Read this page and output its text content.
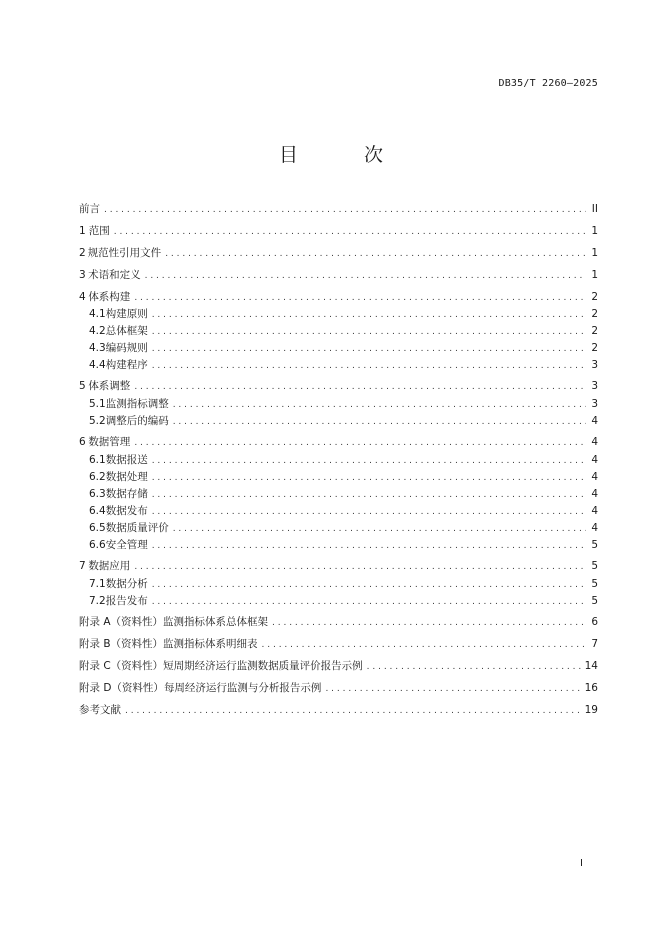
DB35/T 2260—2025
目 次
前言 . . .	II
1 范围 . . .	1
2 规范性引用文件 . . .	1
3 术语和定义 . . .	1
4 体系构建 . . .	2
4.1 构建原则 . . .	2
4.2 总体框架 . . .	2
4.3 编码规则 . . .	2
4.4 构建程序 . . .	3
5 体系调整 . . .	3
5.1 监测指标调整 . . .	3
5.2 调整后的编码 . . .	4
6 数据管理 . . .	4
6.1 数据报送 . . .	4
6.2 数据处理 . . .	4
6.3 数据存储 . . .	4
6.4 数据发布 . . .	4
6.5 数据质量评价 . . .	4
6.6 安全管理 . . .	5
7 数据应用 . . .	5
7.1 数据分析 . . .	5
7.2 报告发布 . . .	5
附录 A（资料性） 监测指标体系总体框架 . . .	6
附录 B（资料性） 监测指标体系明细表 . . .	7
附录 C（资料性） 短周期经济运行监测数据质量评价报告示例 . . .	14
附录 D（资料性） 每周经济运行监测与分析报告示例 . . .	16
参考文献 . . .	19
I
